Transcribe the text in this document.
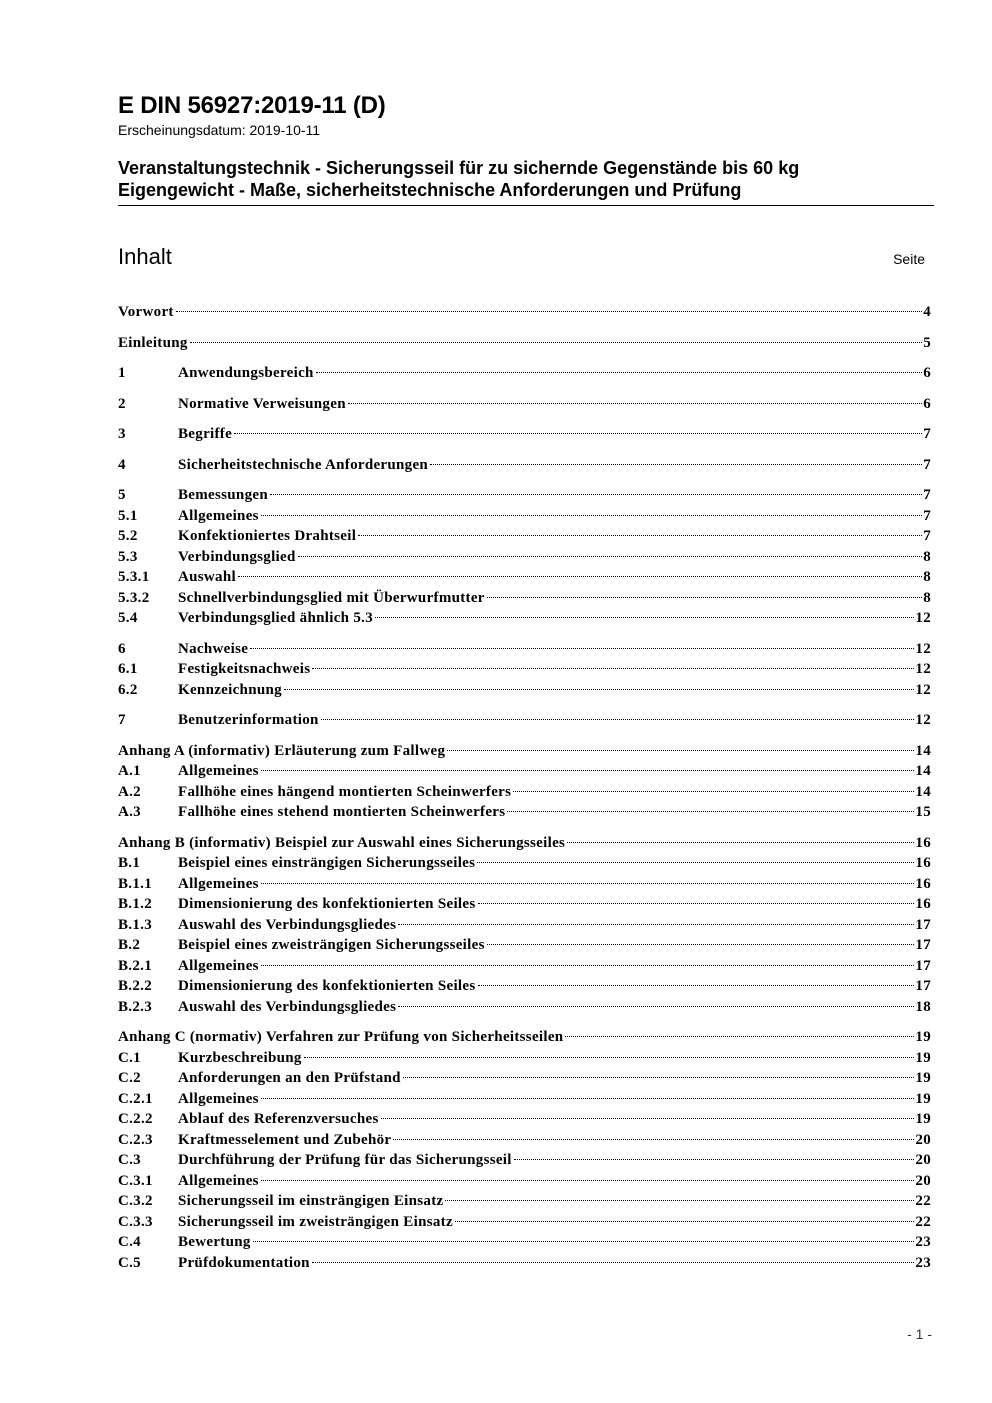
E DIN 56927:2019-11 (D)
Erscheinungsdatum: 2019-10-11
Veranstaltungstechnik - Sicherungsseil für zu sichernde Gegenstände bis 60 kg
Eigengewicht - Maße, sicherheitstechnische Anforderungen und Prüfung
Inhalt	Seite
Vorwort	4
Einleitung	5
1	Anwendungsbereich	6
2	Normative Verweisungen	6
3	Begriffe	7
4	Sicherheitstechnische Anforderungen	7
5	Bemessungen	7
5.1	Allgemeines	7
5.2	Konfektioniertes Drahtseil	7
5.3	Verbindungsglied	8
5.3.1	Auswahl	8
5.3.2	Schnellverbindungsglied mit Überwurfmutter	8
5.4	Verbindungsglied ähnlich 5.3	12
6	Nachweise	12
6.1	Festigkeitsnachweis	12
6.2	Kennzeichnung	12
7	Benutzerinformation	12
Anhang A (informativ) Erläuterung zum Fallweg	14
A.1	Allgemeines	14
A.2	Fallhöhe eines hängend montierten Scheinwerfers	14
A.3	Fallhöhe eines stehend montierten Scheinwerfers	15
Anhang B (informativ) Beispiel zur Auswahl eines Sicherungsseiles	16
B.1	Beispiel eines einsträngigen Sicherungsseiles	16
B.1.1	Allgemeines	16
B.1.2	Dimensionierung des konfektionierten Seiles	16
B.1.3	Auswahl des Verbindungsgliedes	17
B.2	Beispiel eines zweisträngigen Sicherungsseiles	17
B.2.1	Allgemeines	17
B.2.2	Dimensionierung des konfektionierten Seiles	17
B.2.3	Auswahl des Verbindungsgliedes	18
Anhang C (normativ) Verfahren zur Prüfung von Sicherheitsseilen	19
C.1	Kurzbeschreibung	19
C.2	Anforderungen an den Prüfstand	19
C.2.1	Allgemeines	19
C.2.2	Ablauf des Referenzversuches	19
C.2.3	Kraftmesselement und Zubehör	20
C.3	Durchführung der Prüfung für das Sicherungsseil	20
C.3.1	Allgemeines	20
C.3.2	Sicherungsseil im einsträngigen Einsatz	22
C.3.3	Sicherungsseil im zweisträngigen Einsatz	22
C.4	Bewertung	23
C.5	Prüfdokumentation	23
- 1 -
